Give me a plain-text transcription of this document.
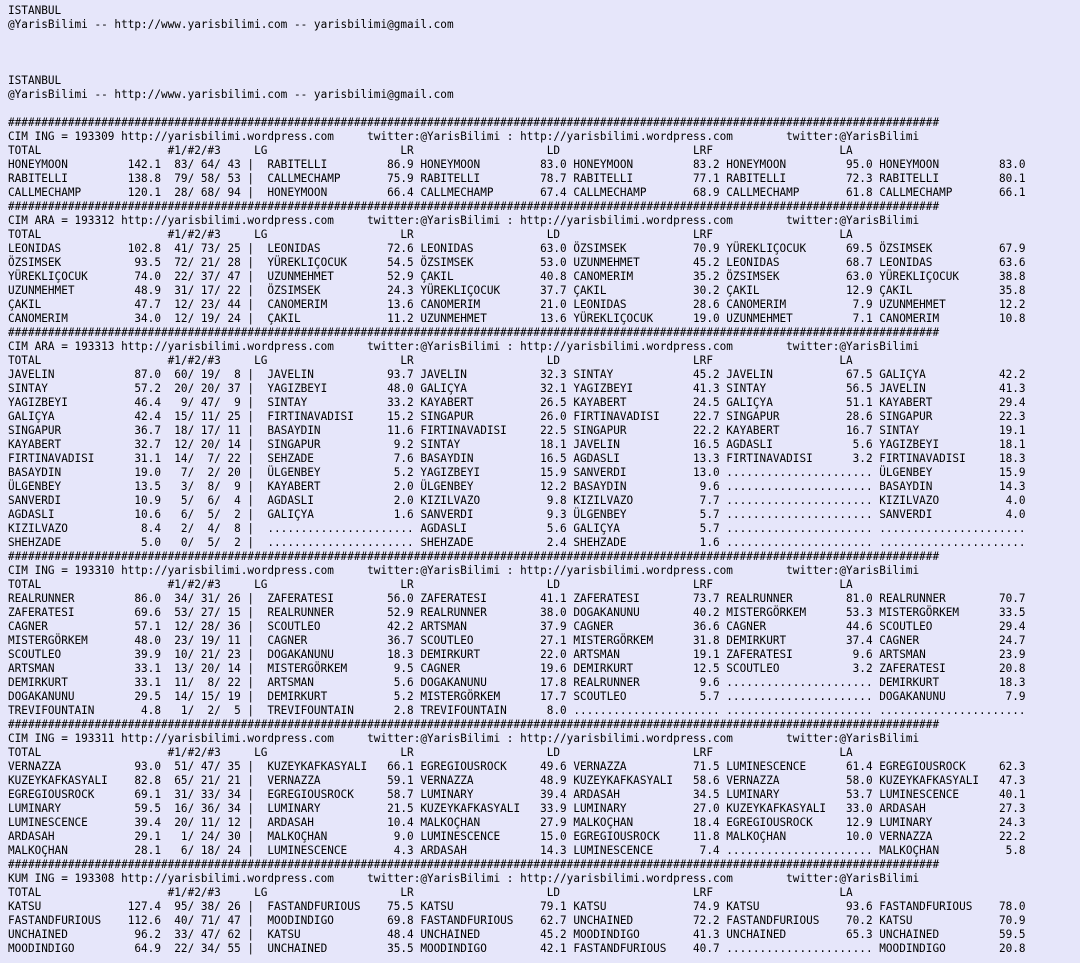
ISTANBUL
@YarisBilimi -- http://www.yarisbilimi.com -- yarisbilimi@gmail.com
ISTANBUL
@YarisBilimi -- http://www.yarisbilimi.com -- yarisbilimi@gmail.com
############################################################################################################################################
CIM ING = 193309 http://yarisbilimi.wordpress.com     twitter:@YarisBilimi : http://yarisbilimi.wordpress.com        twitter:@YarisBilimi
TOTAL                   #1/#2/#3     LG                    LR                    LD                    LRF                   LA
HONEYMOON         142.1  83/ 64/ 43 |  RABITELLI         86.9 HONEYMOON         83.0 HONEYMOON         83.2 HONEYMOON         95.0 HONEYMOON         83.0
RABITELLI         138.8  79/ 58/ 53 |  CALLMECHAMP       75.9 RABITELLI         78.7 RABITELLI         77.1 RABITELLI         72.3 RABITELLI         80.1
CALLMECHAMP       120.1  28/ 68/ 94 |  HONEYMOON         66.4 CALLMECHAMP       67.4 CALLMECHAMP       68.9 CALLMECHAMP       61.8 CALLMECHAMP       66.1
############################################################################################################################################
CIM ARA = 193312 http://yarisbilimi.wordpress.com     twitter:@YarisBilimi : http://yarisbilimi.wordpress.com        twitter:@YarisBilimi
TOTAL                   #1/#2/#3     LG                    LR                    LD                    LRF                   LA
LEONIDAS          102.8  41/ 73/ 25 |  LEONIDAS          72.6 LEONIDAS          63.0 ÖZSIMSEK          70.9 YÜREKLIÇOCUK      69.5 ÖZSIMSEK          67.9
ÖZSIMSEK           93.5  72/ 21/ 28 |  YÜREKLIÇOCUK      54.5 ÖZSIMSEK          53.0 UZUNMEHMET        45.2 LEONIDAS          68.7 LEONIDAS          63.6
YÜREKLIÇOCUK       74.0  22/ 37/ 47 |  UZUNMEHMET        52.9 ÇAKIL             40.8 CANOMERIM         35.2 ÖZSIMSEK          63.0 YÜREKLIÇOCUK      38.8
UZUNMEHMET         48.9  31/ 17/ 22 |  ÖZSIMSEK          24.3 YÜREKLIÇOCUK      37.7 ÇAKIL             30.2 ÇAKIL             12.9 ÇAKIL             35.8
ÇAKIL              47.7  12/ 23/ 44 |  CANOMERIM         13.6 CANOMERIM         21.0 LEONIDAS          28.6 CANOMERIM          7.9 UZUNMEHMET        12.2
CANOMERIM          34.0  12/ 19/ 24 |  ÇAKIL             11.2 UZUNMEHMET        13.6 YÜREKLIÇOCUK      19.0 UZUNMEHMET         7.1 CANOMERIM         10.8
############################################################################################################################################
CIM ARA = 193313 http://yarisbilimi.wordpress.com     twitter:@YarisBilimi : http://yarisbilimi.wordpress.com        twitter:@YarisBilimi
TOTAL                   #1/#2/#3     LG                    LR                    LD                    LRF                   LA
JAVELIN            87.0  60/ 19/  8 |  JAVELIN           93.7 JAVELIN           32.3 SINTAY            45.2 JAVELIN           67.5 GALIÇYA           42.2
SINTAY             57.2  20/ 20/ 37 |  YAGIZBEYI         48.0 GALIÇYA           32.1 YAGIZBEYI         41.3 SINTAY            56.5 JAVELIN           41.3
YAGIZBEYI          46.4   9/ 47/  9 |  SINTAY            33.2 KAYABERT          26.5 KAYABERT          24.5 GALIÇYA           51.1 KAYABERT          29.4
GALIÇYA            42.4  15/ 11/ 25 |  FIRTINAVADISI     15.2 SINGAPUR          26.0 FIRTINAVADISI     22.7 SINGAPUR          28.6 SINGAPUR          22.3
SINGAPUR           36.7  18/ 17/ 11 |  BASAYDIN          11.6 FIRTINAVADISI     22.5 SINGAPUR          22.2 KAYABERT          16.7 SINTAY            19.1
KAYABERT           32.7  12/ 20/ 14 |  SINGAPUR           9.2 SINTAY            18.1 JAVELIN           16.5 AGDASLI            5.6 YAGIZBEYI         18.1
FIRTINAVADISI      31.1  14/  7/ 22 |  SEHZADE            7.6 BASAYDIN          16.5 AGDASLI           13.3 FIRTINAVADISI      3.2 FIRTINAVADISI     18.3
BASAYDIN           19.0   7/  2/ 20 |  ÜLGENBEY           5.2 YAGIZBEYI         15.9 SANVERDI          13.0 ...................... ÜLGENBEY          15.9
ÜLGENBEY           13.5   3/  8/  9 |  KAYABERT           2.0 ÜLGENBEY          12.2 BASAYDIN           9.6 ...................... BASAYDIN          14.3
SANVERDI           10.9   5/  6/  4 |  AGDASLI            2.0 KIZILVAZO          9.8 KIZILVAZO          7.7 ...................... KIZILVAZO          4.0
AGDASLI            10.6   6/  5/  2 |  GALIÇYA            1.6 SANVERDI           9.3 ÜLGENBEY           5.7 ...................... SANVERDI           4.0
KIZILVAZO           8.4   2/  4/  8 |  ...................... AGDASLI            5.6 GALIÇYA            5.7 ...................... ......................
SHEHZADE            5.0   0/  5/  2 |  ...................... SHEHZADE           2.4 SHEHZADE           1.6 ...................... ......................
############################################################################################################################################
CIM ING = 193310 http://yarisbilimi.wordpress.com     twitter:@YarisBilimi : http://yarisbilimi.wordpress.com        twitter:@YarisBilimi
TOTAL                   #1/#2/#3     LG                    LR                    LD                    LRF                   LA
REALRUNNER         86.0  34/ 31/ 26 |  ZAFERATESI        56.0 ZAFERATESI        41.1 ZAFERATESI        73.7 REALRUNNER        81.0 REALRUNNER        70.7
ZAFERATESI         69.6  53/ 27/ 15 |  REALRUNNER        52.9 REALRUNNER        38.0 DOGAKANUNU        40.2 MISTERGÖRKEM      53.3 MISTERGÖRKEM      33.5
CAGNER             57.1  12/ 28/ 36 |  SCOUTLEO          42.2 ARTSMAN           37.9 CAGNER            36.6 CAGNER            44.6 SCOUTLEO          29.4
MISTERGÖRKEM       48.0  23/ 19/ 11 |  CAGNER            36.7 SCOUTLEO          27.1 MISTERGÖRKEM      31.8 DEMIRKURT         37.4 CAGNER            24.7
SCOUTLEO           39.9  10/ 21/ 23 |  DOGAKANUNU        18.3 DEMIRKURT         22.0 ARTSMAN           19.1 ZAFERATESI         9.6 ARTSMAN           23.9
ARTSMAN            33.1  13/ 20/ 14 |  MISTERGÖRKEM       9.5 CAGNER            19.6 DEMIRKURT         12.5 SCOUTLEO           3.2 ZAFERATESI        20.8
DEMIRKURT          33.1  11/  8/ 22 |  ARTSMAN            5.6 DOGAKANUNU        17.8 REALRUNNER         9.6 ...................... DEMIRKURT         18.3
DOGAKANUNU         29.5  14/ 15/ 19 |  DEMIRKURT          5.2 MISTERGÖRKEM      17.7 SCOUTLEO           5.7 ...................... DOGAKANUNU         7.9
TREVIFOUNTAIN       4.8   1/  2/  5 |  TREVIFOUNTAIN      2.8 TREVIFOUNTAIN      8.0 ...................... ...................... ......................
############################################################################################################################################
CIM ING = 193311 http://yarisbilimi.wordpress.com     twitter:@YarisBilimi : http://yarisbilimi.wordpress.com        twitter:@YarisBilimi
TOTAL                   #1/#2/#3     LG                    LR                    LD                    LRF                   LA
VERNAZZA           93.0  51/ 47/ 35 |  KUZEYKAFKASYALI   66.1 EGREGIOUSROCK     49.6 VERNAZZA          71.5 LUMINESCENCE      61.4 EGREGIOUSROCK     62.3
KUZEYKAFKASYALI    82.8  65/ 21/ 21 |  VERNAZZA          59.1 VERNAZZA          48.9 KUZEYKAFKASYALI   58.6 VERNAZZA          58.0 KUZEYKAFKASYALI   47.3
EGREGIOUSROCK      69.1  31/ 33/ 34 |  EGREGIOUSROCK     58.7 LUMINARY          39.4 ARDASAH           34.5 LUMINARY          53.7 LUMINESCENCE      40.1
LUMINARY           59.5  16/ 36/ 34 |  LUMINARY          21.5 KUZEYKAFKASYALI   33.9 LUMINARY          27.0 KUZEYKAFKASYALI   33.0 ARDASAH           27.3
LUMINESCENCE       39.4  20/ 11/ 12 |  ARDASAH           10.4 MALKOÇHAN         27.9 MALKOÇHAN         18.4 EGREGIOUSROCK     12.9 LUMINARY          24.3
ARDASAH            29.1   1/ 24/ 30 |  MALKOÇHAN          9.0 LUMINESCENCE      15.0 EGREGIOUSROCK     11.8 MALKOÇHAN         10.0 VERNAZZA          22.2
MALKOÇHAN          28.1   6/ 18/ 24 |  LUMINESCENCE       4.3 ARDASAH           14.3 LUMINESCENCE       7.4 ...................... MALKOÇHAN          5.8
############################################################################################################################################
KUM ING = 193308 http://yarisbilimi.wordpress.com     twitter:@YarisBilimi : http://yarisbilimi.wordpress.com        twitter:@YarisBilimi
TOTAL                   #1/#2/#3     LG                    LR                    LD                    LRF                   LA
KATSU             127.4  95/ 38/ 26 |  FASTANDFURIOUS    75.5 KATSU             79.1 KATSU             74.9 KATSU             93.6 FASTANDFURIOUS    78.0
FASTANDFURIOUS    112.6  40/ 71/ 47 |  MOODINDIGO        69.8 FASTANDFURIOUS    62.7 UNCHAINED         72.2 FASTANDFURIOUS    70.2 KATSU             70.9
UNCHAINED          96.2  33/ 47/ 62 |  KATSU             48.4 UNCHAINED         45.2 MOODINDIGO        41.3 UNCHAINED         65.3 UNCHAINED         59.5
MOODINDIGO         64.9  22/ 34/ 55 |  UNCHAINED         35.5 MOODINDIGO        42.1 FASTANDFURIOUS    40.7 ...................... MOODINDIGO        20.8
